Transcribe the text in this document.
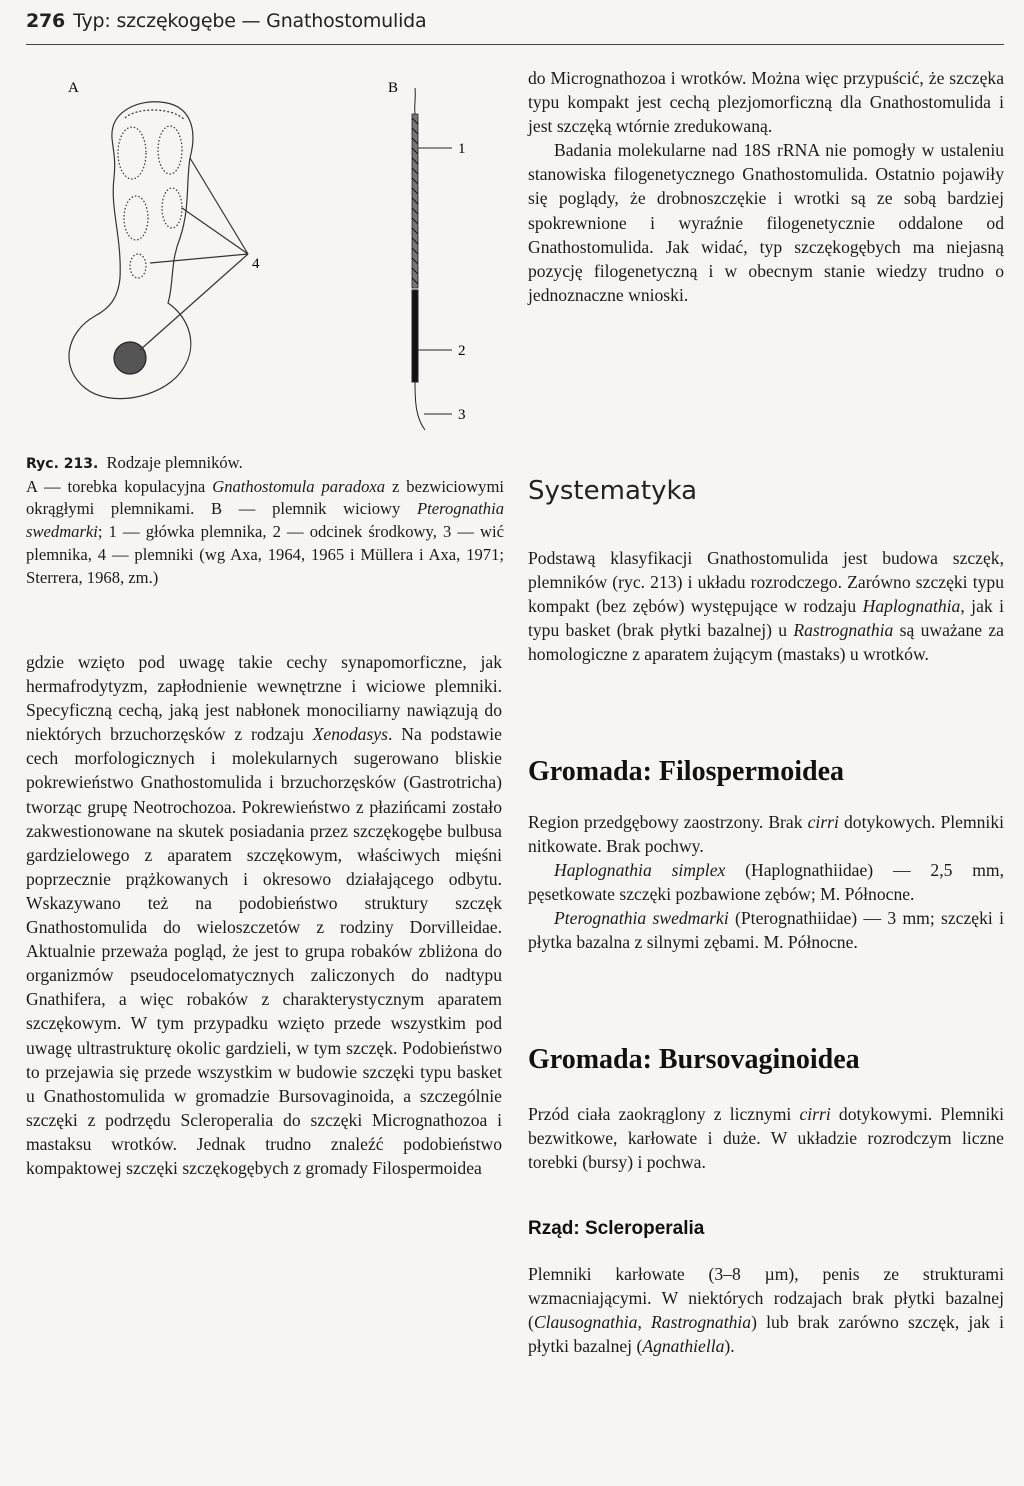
276 Typ: szczękogębe — Gnathostomulida
A	B
4
1
2
3
Ryc. 213. Rodzaje plemników.
A — torebka kopulacyjna Gnathostomula paradoxa z bezwiciowymi okrągłymi plemnikami. B — plemnik wiciowy Pterognathia swedmarki; 1 — główka plemnika, 2 — odcinek środkowy, 3 — wić plemnika, 4 — plemniki (wg Axa, 1964, 1965 i Müllera i Axa, 1971; Sterrera, 1968, zm.)

gdzie wzięto pod uwagę takie cechy synapomorficzne, jak hermafrodytyzm, zapłodnienie wewnętrzne i wiciowe plemniki. Specyficzną cechą, jaką jest nabłonek monociliarny nawiązują do niektórych brzuchorzęsków z rodzaju Xenodasys. Na podstawie cech morfologicznych i molekularnych sugerowano bliskie pokrewieństwo Gnathostomulida i brzuchorzęsków (Gastrotricha) tworząc grupę Neotrochozoa. Pokrewieństwo z płazińcami zostało zakwestionowane na skutek posiadania przez szczękogębe bulbusa gardzielowego z aparatem szczękowym, właściwych mięśni poprzecznie prążkowanych i okresowo działającego odbytu. Wskazywano też na podobieństwo struktury szczęk Gnathostomulida do wieloszczetów z rodziny Dorvilleidae. Aktualnie przeważa pogląd, że jest to grupa robaków zbliżona do organizmów pseudocelomatycznych zaliczonych do nadtypu Gnathifera, a więc robaków z charakterystycznym aparatem szczękowym. W tym przypadku wzięto przede wszystkim pod uwagę ultrastrukturę okolic gardzieli, w tym szczęk. Podobieństwo to przejawia się przede wszystkim w budowie szczęki typu basket u Gnathostomulida w gromadzie Bursovaginoida, a szczególnie szczęki z podrzędu Scleroperalia do szczęki Micrognathozoa i mastaksu wrotków. Jednak trudno znaleźć podobieństwo kompaktowej szczęki szczękogębych z gromady Filospermoidea

do Micrognathozoa i wrotków. Można więc przypuścić, że szczęka typu kompakt jest cechą plezjomorficzną dla Gnathostomulida i jest szczęką wtórnie zredukowaną.

Badania molekularne nad 18S rRNA nie pomogły w ustaleniu stanowiska filogenetycznego Gnathostomulida. Ostatnio pojawiły się poglądy, że drobnoszczękie i wrotki są ze sobą bardziej spokrewnione i wyraźnie filogenetycznie oddalone od Gnathostomulida. Jak widać, typ szczękogębych ma niejasną pozycję filogenetyczną i w obecnym stanie wiedzy trudno o jednoznaczne wnioski.

Systematyka

Podstawą klasyfikacji Gnathostomulida jest budowa szczęk, plemników (ryc. 213) i układu rozrodczego. Zarówno szczęki typu kompakt (bez zębów) występujące w rodzaju Haplognathia, jak i typu basket (brak płytki bazalnej) u Rastrognathia są uważane za homologiczne z aparatem żującym (mastaks) u wrotków.

Gromada: Filospermoidea

Region przedgębowy zaostrzony. Brak cirri dotykowych. Plemniki nitkowate. Brak pochwy.

Haplognathia simplex (Haplognathiidae) — 2,5 mm, pęsetkowate szczęki pozbawione zębów; M. Północne.

Pterognathia swedmarki (Pterognathiidae) — 3 mm; szczęki i płytka bazalna z silnymi zębami. M. Północne.

Gromada: Bursovaginoidea

Przód ciała zaokrąglony z licznymi cirri dotykowymi. Plemniki bezwitkowe, karłowate i duże. W układzie rozrodczym liczne torebki (bursy) i pochwa.

Rząd: Scleroperalia

Plemniki karłowate (3–8 µm), penis ze strukturami wzmacniającymi. W niektórych rodzajach brak płytki bazalnej (Clausognathia, Rastrognathia) lub brak zarówno szczęk, jak i płytki bazalnej (Agnathiella).
